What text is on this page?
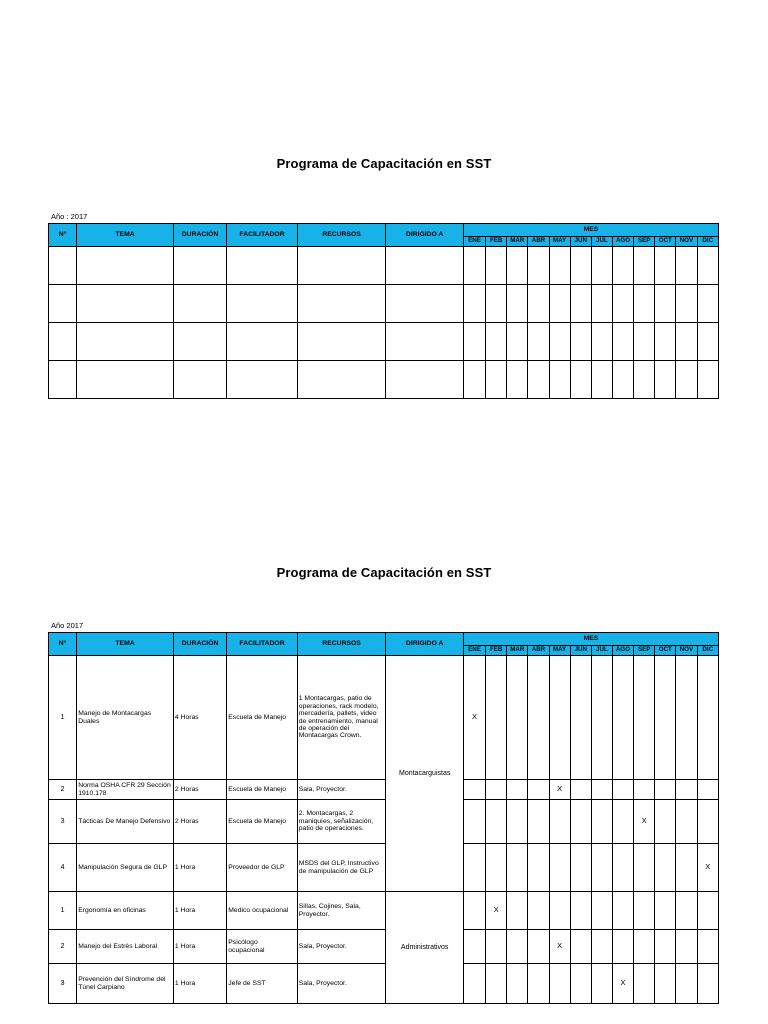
Programa de Capacitación en SST
Año : 2017
N°	TEMA	DURACIÓN	FACILITADOR	RECURSOS	DIRIGIDO A	MES											
						ENE	FEB	MAR	ABR	MAY	JUN	JUL	AGO	SEP	OCT	NOV	DIC

Programa de Capacitación en SST
Año 2017
N°	TEMA	DURACIÓN	FACILITADOR	RECURSOS	DIRIGIDO A	MES											
						ENE	FEB	MAR	ABR	MAY	JUN	JUL	AGO	SEP	OCT	NOV	DIC
1	Manejo de Montacargas Duales	4 Horas	Escuela de Manejo	1 Montacargas, patio de operaciones, rack modelo, mercadería, pallets, video de entrenamiento, manual de operación del Montacargas Crown.	Montacarguistas	X											
2	Norma OSHA CFR 29 Sección 1910.178	2 Horas	Escuela de Manejo	Sala, Proyector.						X							
3	Tácticas De Manejo Defensivo	2 Horas	Escuela de Manejo	2. Montacargas, 2 maniquíes, señalización, patio de operaciones.										X			
4	Manipulación Segura de GLP	1 Hora	Proveedor de GLP	MSDS del GLP, Instructivo de manipulación de GLP													X
1	Ergonomía en oficinas	1 Hora	Medico ocupacional	Sillas, Cojines, Sala, Proyector.	Administrativos		X										
2	Manejo del Estrés Laboral	1 Hora	Psicólogo ocupacional	Sala, Proyector.						X							
3	Prevención del Síndrome del Túnel Carpiano	1 Hora	Jefe de SST	Sala, Proyector.									X				
